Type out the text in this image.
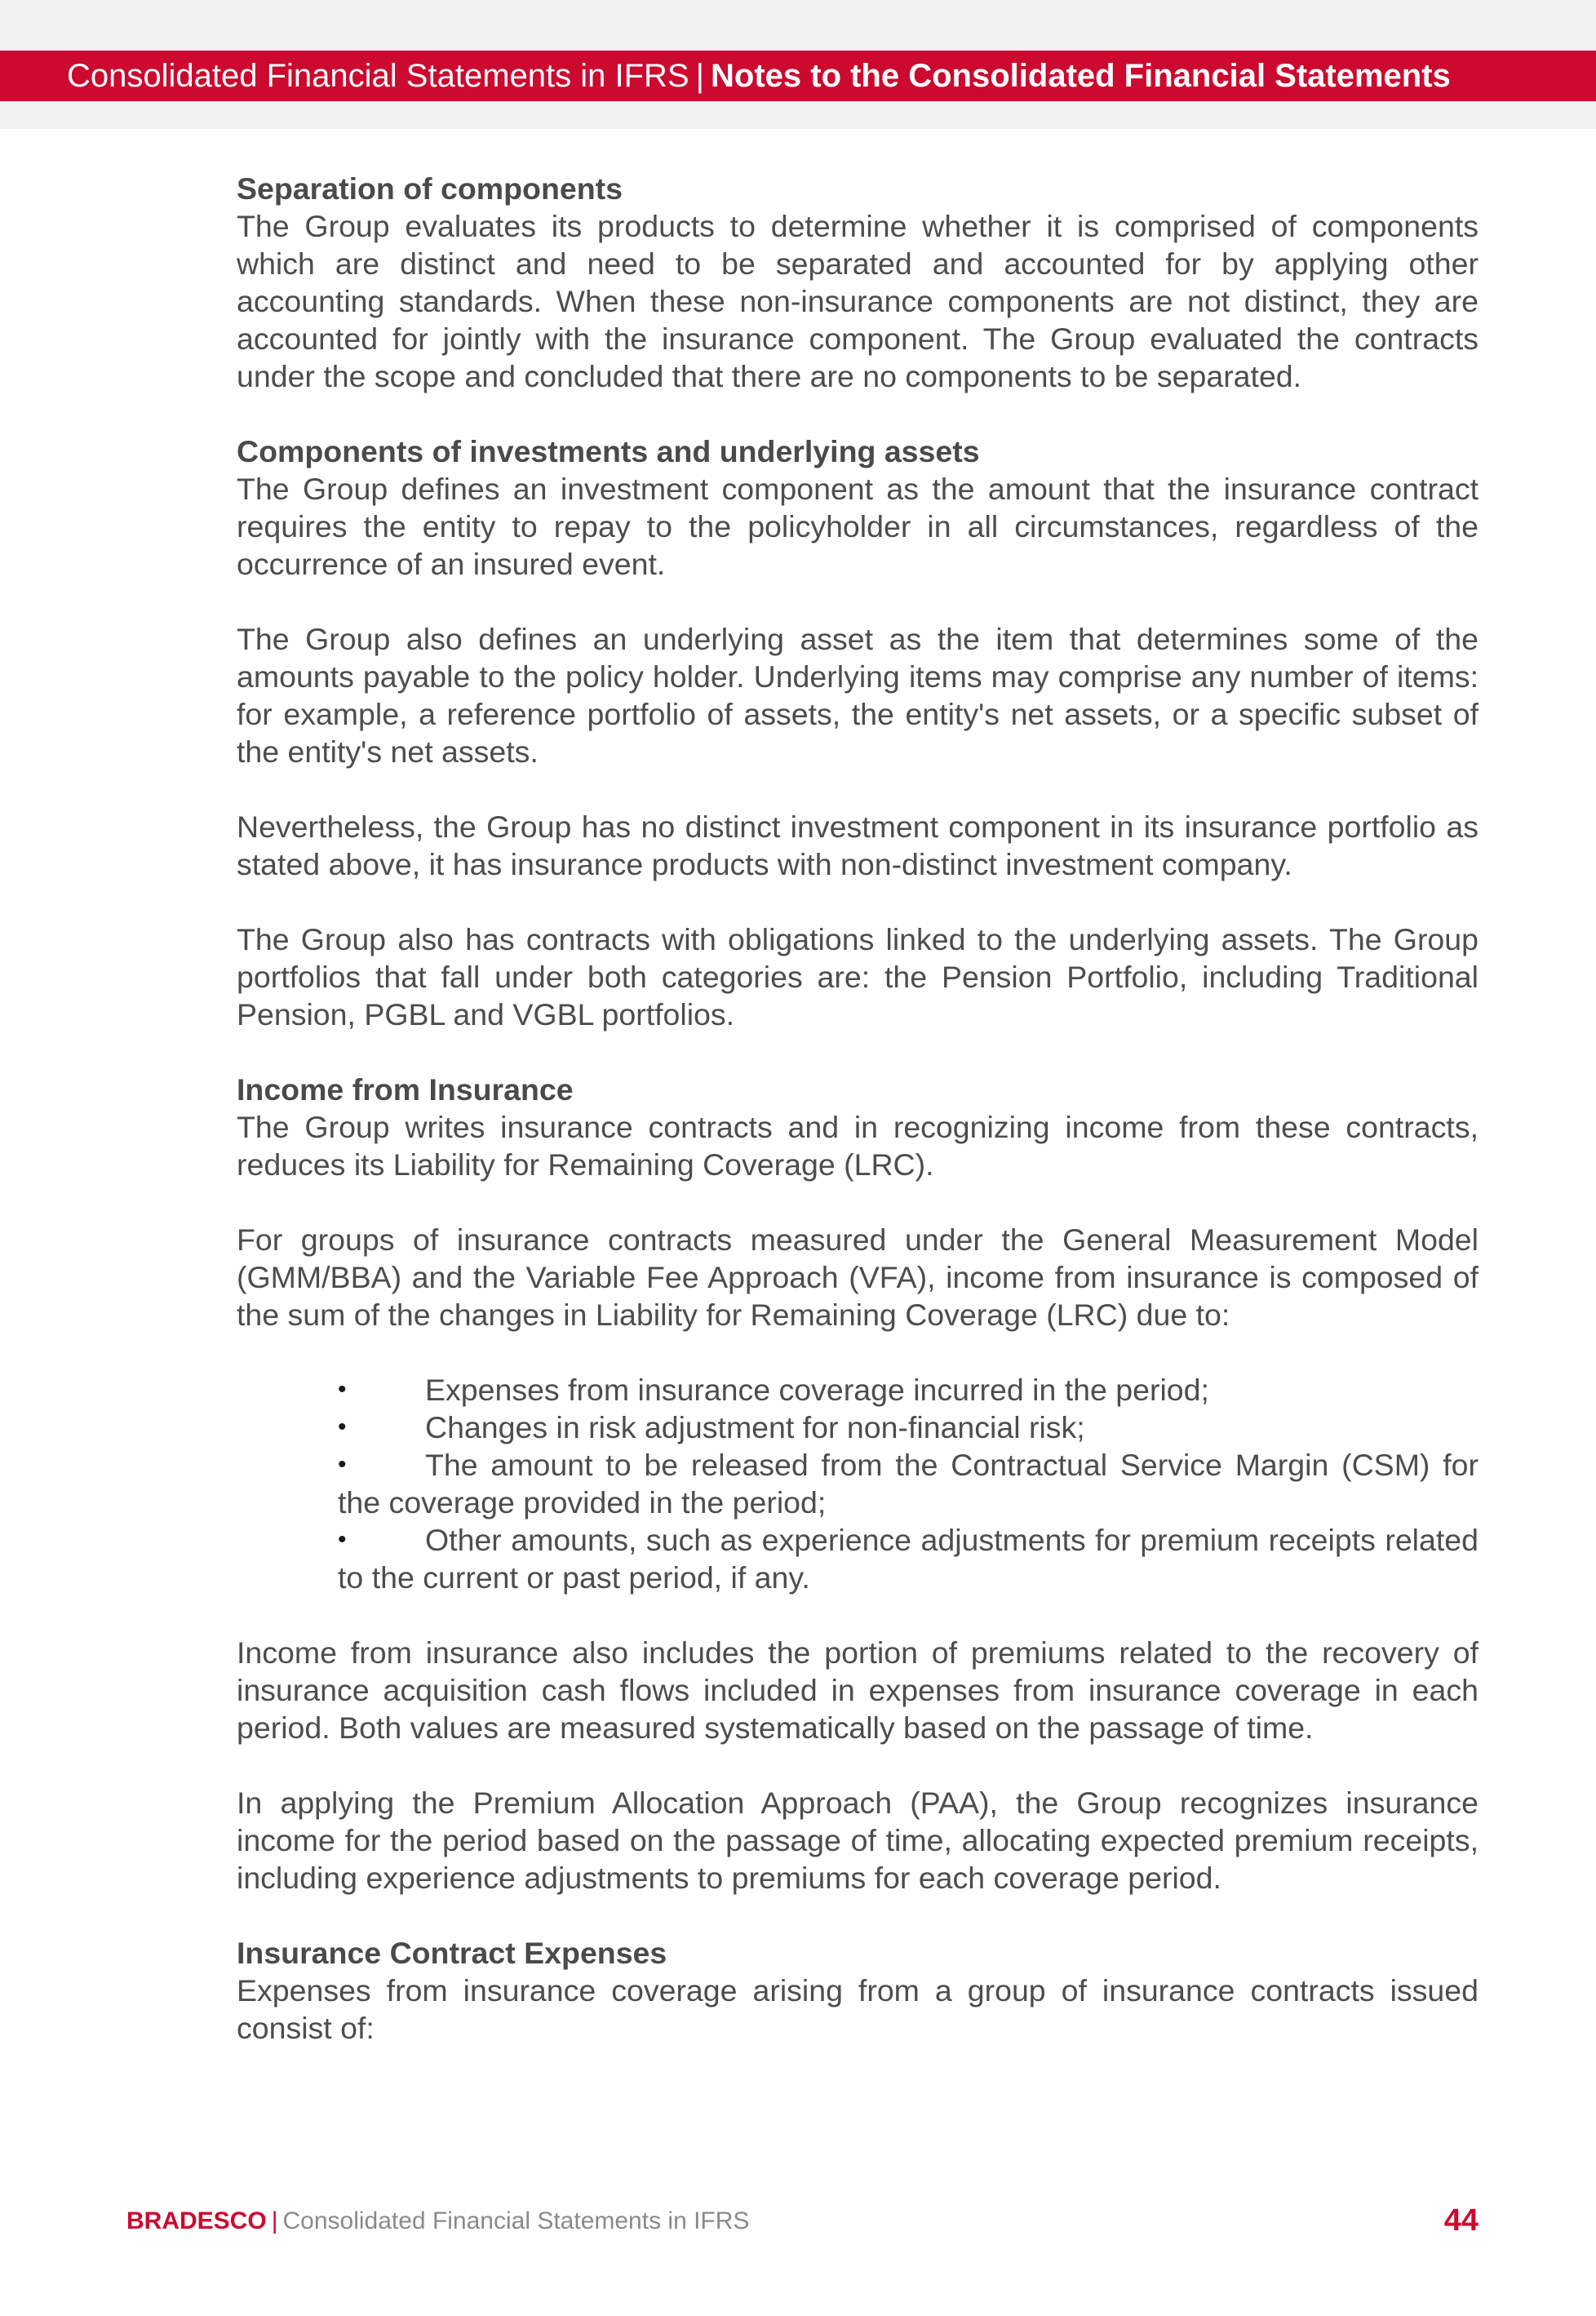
Consolidated Financial Statements in IFRS | Notes to the Consolidated Financial Statements
Separation of components

The Group evaluates its products to determine whether it is comprised of components which are distinct and need to be separated and accounted for by applying other accounting standards. When these non-insurance components are not distinct, they are accounted for jointly with the insurance component. The Group evaluated the contracts under the scope and concluded that there are no components to be separated.

Components of investments and underlying assets

The Group defines an investment component as the amount that the insurance contract requires the entity to repay to the policyholder in all circumstances, regardless of the occurrence of an insured event.

The Group also defines an underlying asset as the item that determines some of the amounts payable to the policy holder. Underlying items may comprise any number of items: for example, a reference portfolio of assets, the entity's net assets, or a specific subset of the entity's net assets.

Nevertheless, the Group has no distinct investment component in its insurance portfolio as stated above, it has insurance products with non-distinct investment company.

The Group also has contracts with obligations linked to the underlying assets. The Group portfolios that fall under both categories are: the Pension Portfolio, including Traditional Pension, PGBL and VGBL portfolios.

Income from Insurance

The Group writes insurance contracts and in recognizing income from these contracts, reduces its Liability for Remaining Coverage (LRC).

For groups of insurance contracts measured under the General Measurement Model (GMM/BBA) and the Variable Fee Approach (VFA), income from insurance is composed of the sum of the changes in Liability for Remaining Coverage (LRC) due to:

•	Expenses from insurance coverage incurred in the period;
•	Changes in risk adjustment for non-financial risk;
•	The amount to be released from the Contractual Service Margin (CSM) for the coverage provided in the period;
•	Other amounts, such as experience adjustments for premium receipts related to the current or past period, if any.

Income from insurance also includes the portion of premiums related to the recovery of insurance acquisition cash flows included in expenses from insurance coverage in each period. Both values are measured systematically based on the passage of time.

In applying the Premium Allocation Approach (PAA), the Group recognizes insurance income for the period based on the passage of time, allocating expected premium receipts, including experience adjustments to premiums for each coverage period.

Insurance Contract Expenses

Expenses from insurance coverage arising from a group of insurance contracts issued consist of:

BRADESCO | Consolidated Financial Statements in IFRS	44
